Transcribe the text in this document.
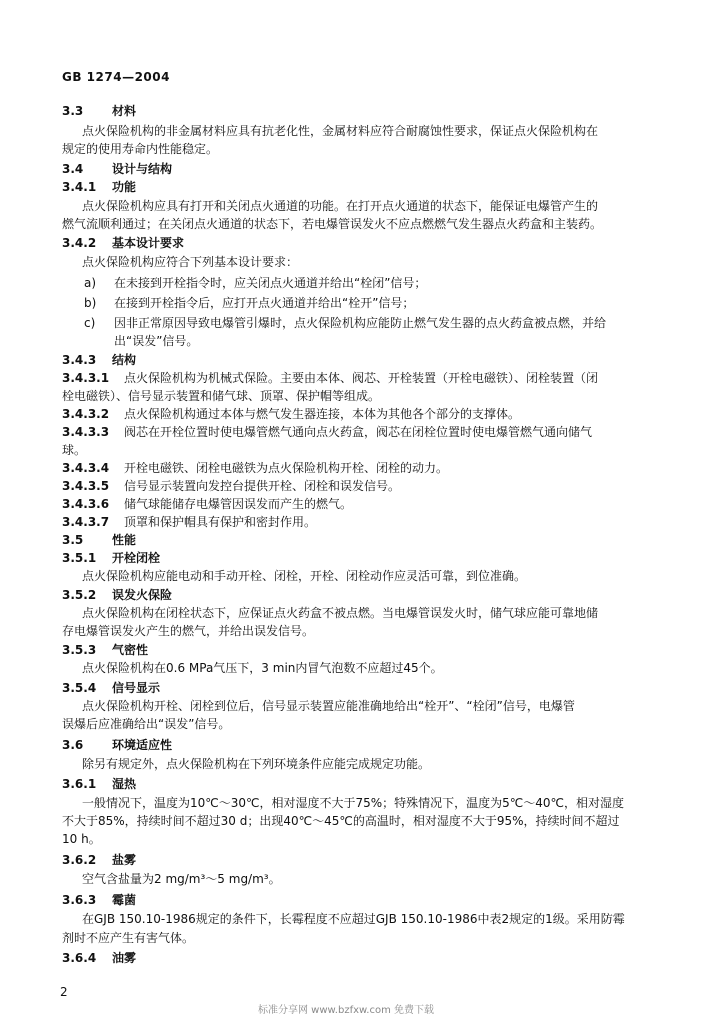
GB 1274—2004
3.3 材料
点火保险机构的非金属材料应具有抗老化性，金属材料应符合耐腐蚀性要求，保证点火保险机构在
规定的使用寿命内性能稳定。
3.4 设计与结构
3.4.1 功能
点火保险机构应具有打开和关闭点火通道的功能。在打开点火通道的状态下，能保证电爆管产生的
燃气流顺利通过；在关闭点火通道的状态下，若电爆管误发火不应点燃燃气发生器点火药盒和主装药。
3.4.2 基本设计要求
点火保险机构应符合下列基本设计要求：
a) 在未接到开栓指令时，应关闭点火通道并给出“栓闭”信号；
b) 在接到开栓指令后，应打开点火通道并给出“栓开”信号；
c) 因非正常原因导致电爆管引爆时，点火保险机构应能防止燃气发生器的点火药盒被点燃，并给
出“误发”信号。
3.4.3 结构
3.4.3.1 点火保险机构为机械式保险。主要由本体、阀芯、开栓装置（开栓电磁铁）、闭栓装置（闭
栓电磁铁）、信号显示装置和储气球、顶罩、保护帽等组成。
3.4.3.2 点火保险机构通过本体与燃气发生器连接，本体为其他各个部分的支撑体。
3.4.3.3 阀芯在开栓位置时使电爆管燃气通向点火药盒，阀芯在闭栓位置时使电爆管燃气通向储气
球。
3.4.3.4 开栓电磁铁、闭栓电磁铁为点火保险机构开栓、闭栓的动力。
3.4.3.5 信号显示装置向发控台提供开栓、闭栓和误发信号。
3.4.3.6 储气球能储存电爆管因误发而产生的燃气。
3.4.3.7 顶罩和保护帽具有保护和密封作用。
3.5 性能
3.5.1 开栓闭栓
点火保险机构应能电动和手动开栓、闭栓，开栓、闭栓动作应灵活可靠，到位准确。
3.5.2 误发火保险
点火保险机构在闭栓状态下，应保证点火药盒不被点燃。当电爆管误发火时，储气球应能可靠地储
存电爆管误发火产生的燃气，并给出误发信号。
3.5.3 气密性
点火保险机构在0.6 MPa气压下，3 min内冒气泡数不应超过45个。
3.5.4 信号显示
点火保险机构开栓、闭栓到位后，信号显示装置应能准确地给出“栓开”、“栓闭”信号，电爆管
误爆后应准确给出“误发”信号。
3.6 环境适应性
除另有规定外，点火保险机构在下列环境条件应能完成规定功能。
3.6.1 湿热
一般情况下，温度为10℃～30℃，相对湿度不大于75%；特殊情况下，温度为5℃～40℃，相对湿度
不大于85%，持续时间不超过30 d；出现40℃～45℃的高温时，相对湿度不大于95%，持续时间不超过
10 h。
3.6.2 盐雾
空气含盐量为2 mg/m³～5 mg/m³。
3.6.3 霉菌
在GJB 150.10-1986规定的条件下，长霉程度不应超过GJB 150.10-1986中表2规定的1级。采用防霉
剂时不应产生有害气体。
3.6.4 油雾
2
标准分享网 www.bzfxw.com 免费下载
